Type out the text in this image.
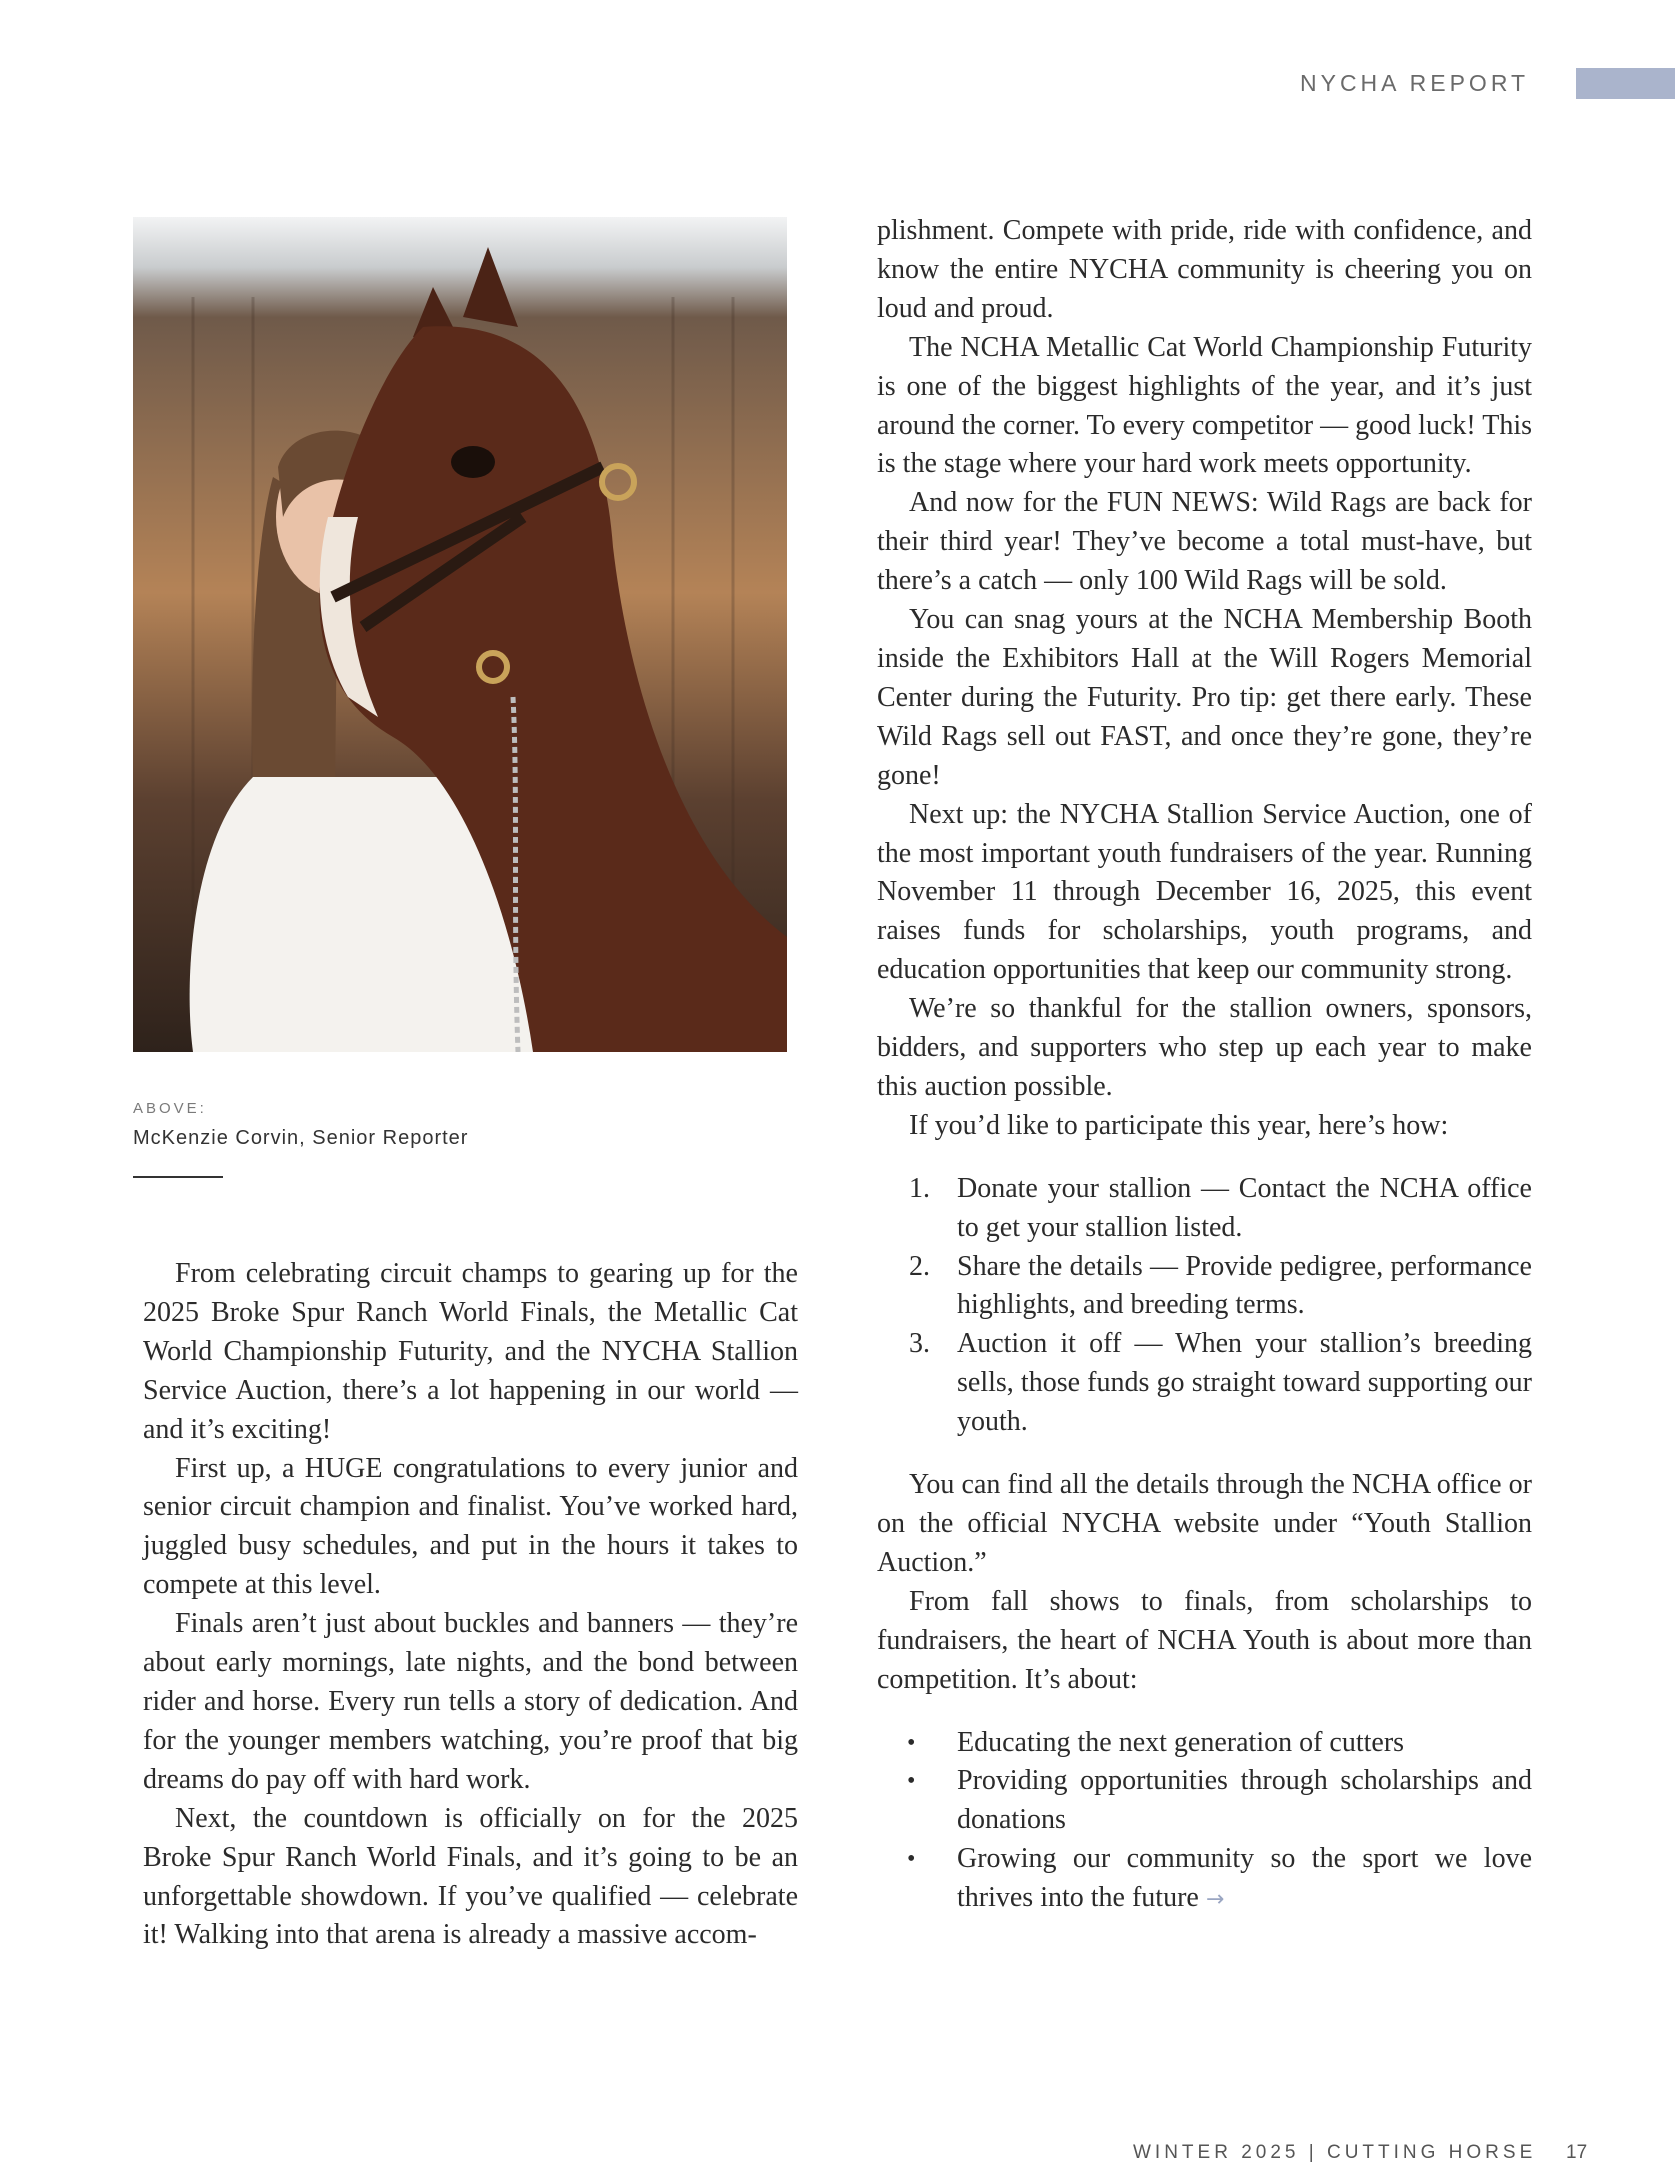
NYCHA REPORT
ABOVE:
McKenzie Corvin, Senior Reporter

From celebrating circuit champs to gearing up for the 2025 Broke Spur Ranch World Finals, the Metallic Cat World Championship Futurity, and the NYCHA Stallion Service Auction, there’s a lot happening in our world — and it’s exciting!

First up, a HUGE congratulations to every junior and senior circuit champion and finalist. You’ve worked hard, juggled busy schedules, and put in the hours it takes to compete at this level.

Finals aren’t just about buckles and banners — they’re about early mornings, late nights, and the bond between rider and horse. Every run tells a story of dedication. And for the younger members watching, you’re proof that big dreams do pay off with hard work.

Next, the countdown is officially on for the 2025 Broke Spur Ranch World Finals, and it’s going to be an unforgettable showdown. If you’ve qualified — celebrate it! Walking into that arena is already a massive accom-

plishment. Compete with pride, ride with confidence, and know the entire NYCHA community is cheering you on loud and proud.

The NCHA Metallic Cat World Championship Futurity is one of the biggest highlights of the year, and it’s just around the corner. To every competitor — good luck! This is the stage where your hard work meets opportunity.

And now for the FUN NEWS: Wild Rags are back for their third year! They’ve become a total must-have, but there’s a catch — only 100 Wild Rags will be sold.

You can snag yours at the NCHA Membership Booth inside the Exhibitors Hall at the Will Rogers Memorial Center during the Futurity. Pro tip: get there early. These Wild Rags sell out FAST, and once they’re gone, they’re gone!

Next up: the NYCHA Stallion Service Auction, one of the most important youth fundraisers of the year. Running November 11 through December 16, 2025, this event raises funds for scholarships, youth programs, and education opportunities that keep our community strong.

We’re so thankful for the stallion owners, sponsors, bidders, and supporters who step up each year to make this auction possible.

If you’d like to participate this year, here’s how:

1. Donate your stallion — Contact the NCHA office to get your stallion listed.
2. Share the details — Provide pedigree, performance highlights, and breeding terms.
3. Auction it off — When your stallion’s breeding sells, those funds go straight toward supporting our youth.

You can find all the details through the NCHA office or on the official NYCHA website under “Youth Stallion Auction.”

From fall shows to finals, from scholarships to fundraisers, the heart of NCHA Youth is about more than competition. It’s about:

• Educating the next generation of cutters
• Providing opportunities through scholarships and donations
• Growing our community so the sport we love thrives into the future →
WINTER 2025 | CUTTING HORSE 17
